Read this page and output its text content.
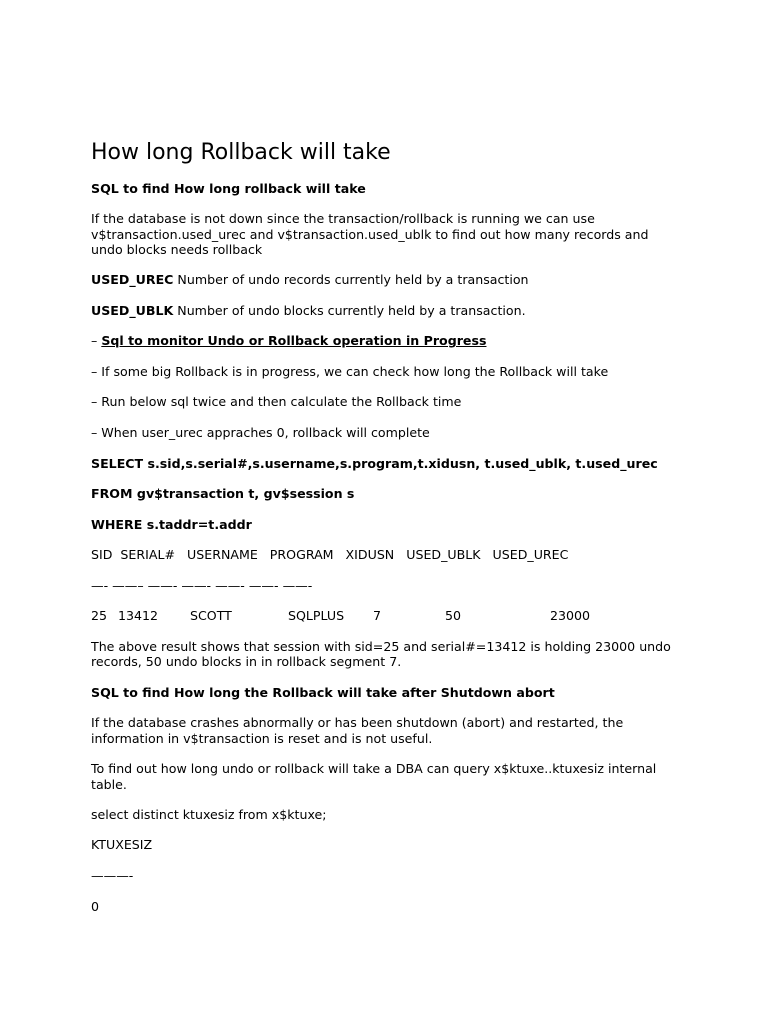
How long Rollback will take
SQL to find How long rollback will take
If the database is not down since the transaction/rollback is running we can use
v$transaction.used_urec and v$transaction.used_ublk to find out how many records and
undo blocks needs rollback
USED_UREC Number of undo records currently held by a transaction
USED_UBLK Number of undo blocks currently held by a transaction.
– Sql to monitor Undo or Rollback operation in Progress
– If some big Rollback is in progress, we can check how long the Rollback will take
– Run below sql twice and then calculate the Rollback time
– When user_urec appraches 0, rollback will complete
SELECT s.sid,s.serial#,s.username,s.program,t.xidusn, t.used_ublk, t.used_urec
FROM gv$transaction t, gv$session s
WHERE s.taddr=t.addr
SID  SERIAL#   USERNAME   PROGRAM   XIDUSN   USED_UBLK   USED_UREC
—- ——– ——- ——- ——- ——- ——-
25 13412	SCOTT	SQLPLUS 7	50	23000
The above result shows that session with sid=25 and serial#=13412 is holding 23000 undo
records, 50 undo blocks in in rollback segment 7.
SQL to find How long the Rollback will take after Shutdown abort
If the database crashes abnormally or has been shutdown (abort) and restarted, the
information in v$transaction is reset and is not useful.
To find out how long undo or rollback will take a DBA can query x$ktuxe..ktuxesiz internal
table.
select distinct ktuxesiz from x$ktuxe;
KTUXESIZ
———-
0
